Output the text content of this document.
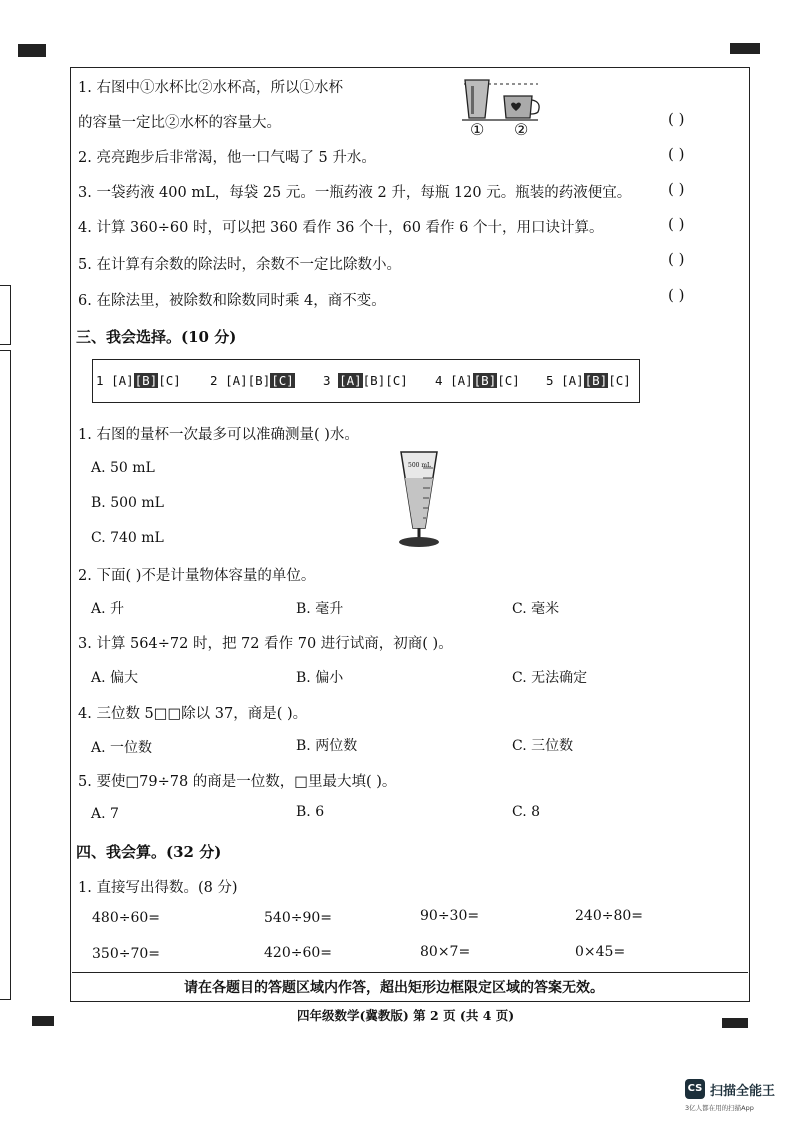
1. 右图中①水杯比②水杯高，所以①水杯
的容量一定比②水杯的容量大。	① ②
( )
2. 亮亮跑步后非常渴，他一口气喝了 5 升水。	( )
3. 一袋药液 400 mL，每袋 25 元。一瓶药液 2 升，每瓶 120 元。瓶装的药液便宜。 ( )
4. 计算 360÷60 时，可以把 360 看作 36 个十，60 看作 6 个十，用口诀计算。	( )
5. 在计算有余数的除法时，余数不一定比除数小。	( )
6. 在除法里，被除数和除数同时乘 4，商不变。	( )
三、我会选择。(10 分)
1 [A][B][C] 2 [A][B][C] 3 [A][B][C] 4 [A][B][C] 5 [A][B][C]
1. 右图的量杯一次最多可以准确测量( )水。
A. 50 mL
B. 500 mL
C. 740 mL
500 mL
2. 下面( )不是计量物体容量的单位。
A. 升	B. 毫升	C. 毫米
3. 计算 564÷72 时，把 72 看作 70 进行试商，初商( )。
A. 偏大	B. 偏小	C. 无法确定
4. 三位数 5□□除以 37，商是( )。
A. 一位数	B. 两位数	C. 三位数
5. 要使□79÷78 的商是一位数，□里最大填( )。
A. 7	B. 6	C. 8
四、我会算。(32 分)
1. 直接写出得数。(8 分)
480÷60=	540÷90=	90÷30=	240÷80=
350÷70=	420÷60=	80×7=	0×45=
请在各题目的答题区域内作答，超出矩形边框限定区域的答案无效。
四年级数学(冀教版) 第 2 页 (共 4 页)
CS 扫描全能王
3亿人都在用的扫描App
